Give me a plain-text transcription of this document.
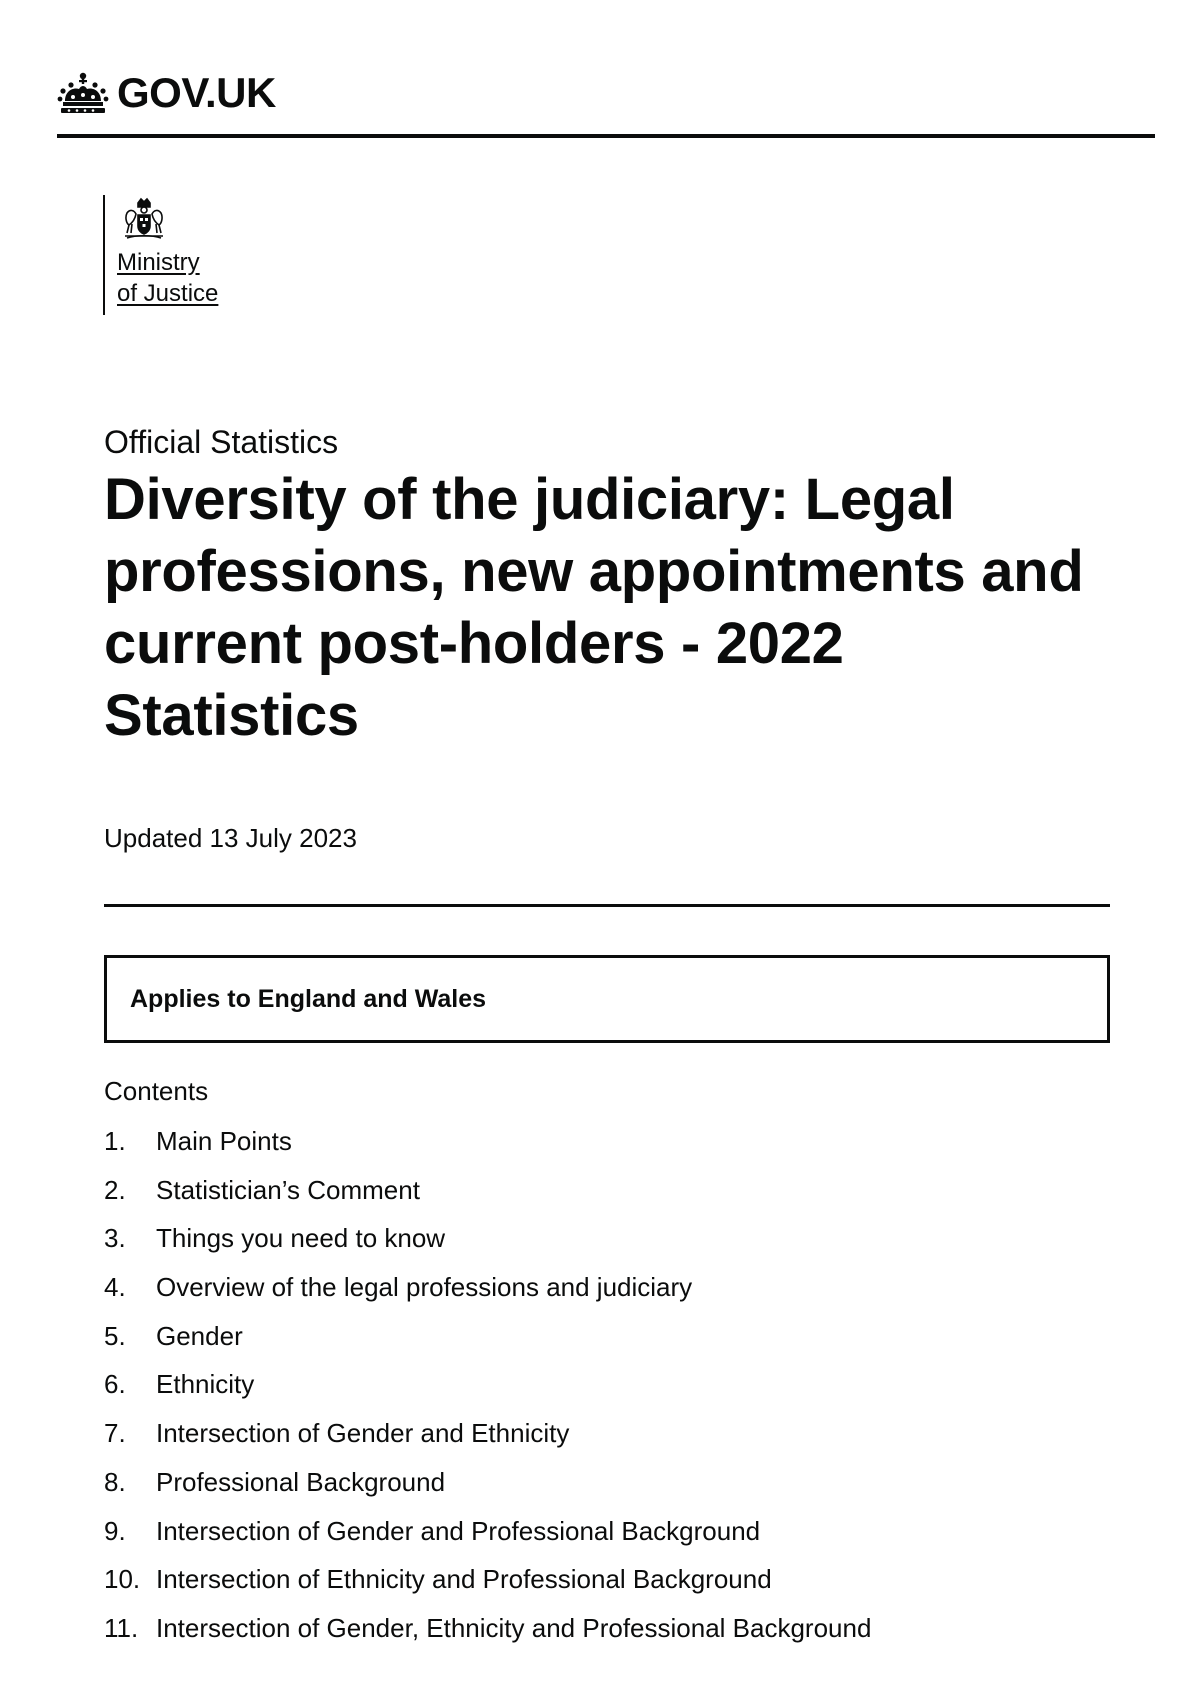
GOV.UK

Ministry

of Justice

Official Statistics

Diversity of the judiciary: Legal professions, new appointments and current post-holders - 2022 Statistics

Updated 13 July 2023

Applies to England and Wales

Contents
1.	Main Points
2.	Statistician’s Comment
3.	Things you need to know
4.	Overview of the legal professions and judiciary
5.	Gender
6.	Ethnicity
7.	Intersection of Gender and Ethnicity
8.	Professional Background
9.	Intersection of Gender and Professional Background
10. Intersection of Ethnicity and Professional Background
11. Intersection of Gender, Ethnicity and Professional Background
